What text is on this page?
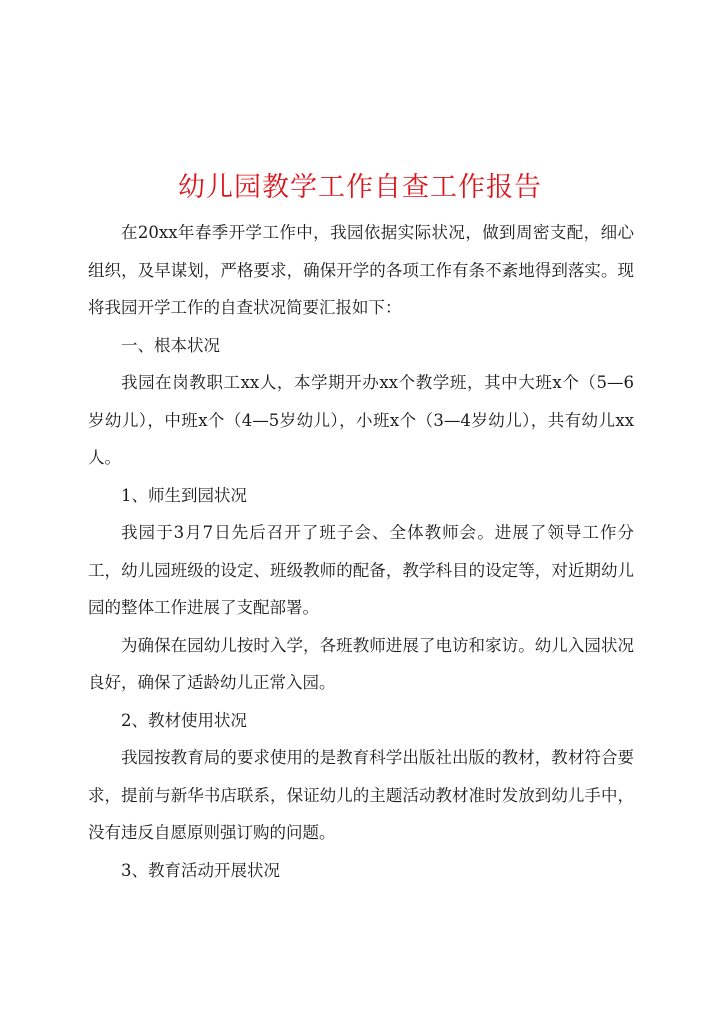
幼儿园教学工作自查工作报告

在20xx年春季开学工作中，我园依据实际状况，做到周密支配，细心组织，及早谋划，严格要求，确保开学的各项工作有条不紊地得到落实。现将我园开学工作的自查状况简要汇报如下：

一、根本状况

我园在岗教职工xx人，本学期开办xx个教学班，其中大班x个（5—6岁幼儿），中班x个（4—5岁幼儿），小班x个（3—4岁幼儿），共有幼儿xx人。

1、师生到园状况

我园于3月7日先后召开了班子会、全体教师会。进展了领导工作分工，幼儿园班级的设定、班级教师的配备，教学科目的设定等，对近期幼儿园的整体工作进展了支配部署。

为确保在园幼儿按时入学，各班教师进展了电访和家访。幼儿入园状况良好，确保了适龄幼儿正常入园。

2、教材使用状况

我园按教育局的要求使用的是教育科学出版社出版的教材，教材符合要求，提前与新华书店联系，保证幼儿的主题活动教材准时发放到幼儿手中，没有违反自愿原则强订购的问题。

3、教育活动开展状况
